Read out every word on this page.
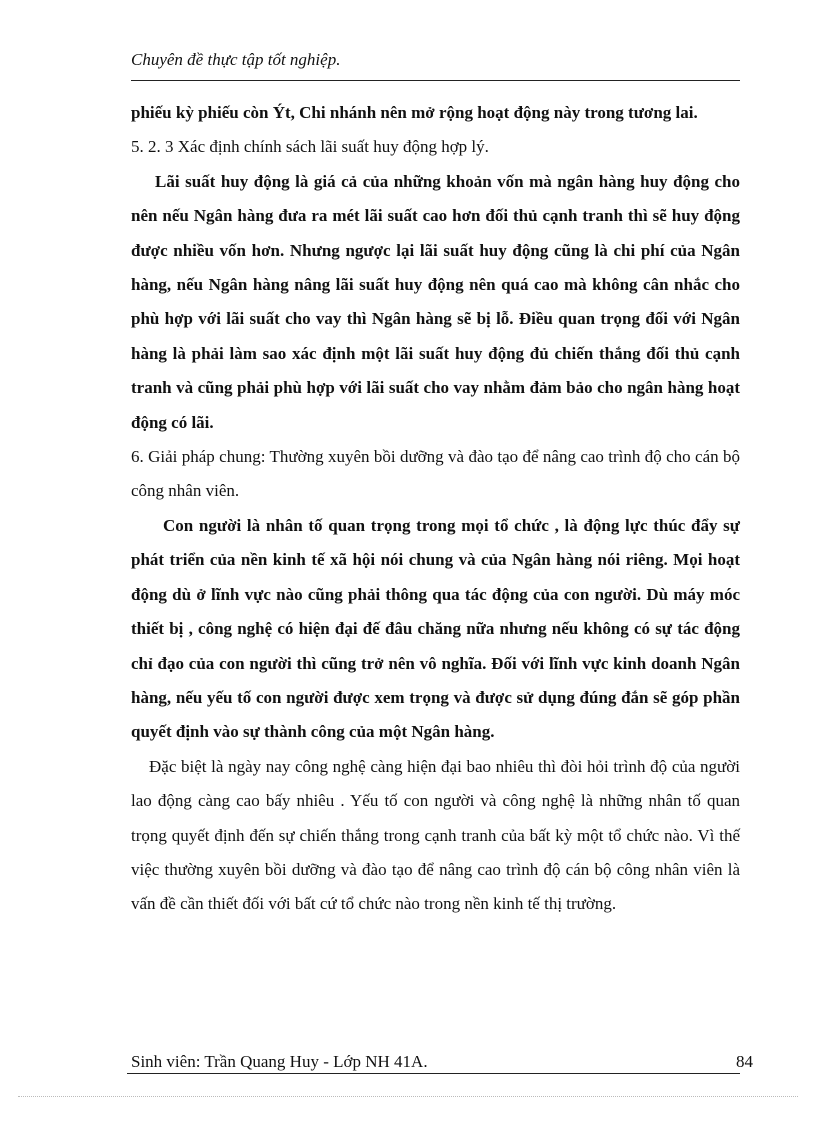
Chuyên đề thực tập tốt nghiệp.

phiếu kỳ phiếu còn Ýt, Chi nhánh nên mở rộng hoạt động này trong tương lai.

5. 2. 3 Xác định chính sách lãi suất huy động hợp lý.

Lãi suất huy động là giá cả của những khoản vốn mà ngân hàng huy động cho nên nếu Ngân hàng đưa ra mét lãi suất cao hơn đối thủ cạnh tranh thì sẽ huy động được nhiều vốn hơn. Nhưng ngược lại lãi suất huy động cũng là chi phí của Ngân hàng, nếu Ngân hàng nâng lãi suất huy động nên quá cao mà không cân nhắc cho phù hợp với lãi suất cho vay thì Ngân hàng sẽ bị lỗ. Điều quan trọng đối với Ngân hàng là phải làm sao xác định một lãi suất huy động đủ chiến thắng đối thủ cạnh tranh và cũng phải phù hợp với lãi suất cho vay nhằm đảm bảo cho ngân hàng hoạt động có lãi.

6. Giải pháp chung: Thường xuyên bồi dưỡng và đào tạo để nâng cao trình độ cho cán bộ công nhân viên.

Con người là nhân tố quan trọng trong mọi tổ chức , là động lực thúc đẩy sự phát triển của nền kinh tế xã hội nói chung và của Ngân hàng nói riêng. Mọi hoạt động dù ở lĩnh vực nào cũng phải thông qua tác động của con người. Dù máy móc thiết bị , công nghệ có hiện đại đế đâu chăng nữa nhưng nếu không có sự tác động chỉ đạo của con người thì cũng trở nên vô nghĩa. Đối với lĩnh vực kinh doanh Ngân hàng, nếu yếu tố con người được xem trọng và được sử dụng đúng đắn sẽ góp phần quyết định vào sự thành công của một Ngân hàng.

Đặc biệt là ngày nay công nghệ càng hiện đại bao nhiêu thì đòi hỏi trình độ của người lao động càng cao bấy nhiêu . Yếu tố con người và công nghệ là những nhân tố quan trọng quyết định đến sự chiến thắng trong cạnh tranh của bất kỳ một tổ chức nào. Vì thế việc thường xuyên bồi dưỡng và đào tạo để nâng cao trình độ cán bộ công nhân viên là vấn đề cần thiết đối với bất cứ tổ chức nào trong nền kinh tế thị trường.

Sinh viên: Trần Quang Huy - Lớp NH 41A.	84
